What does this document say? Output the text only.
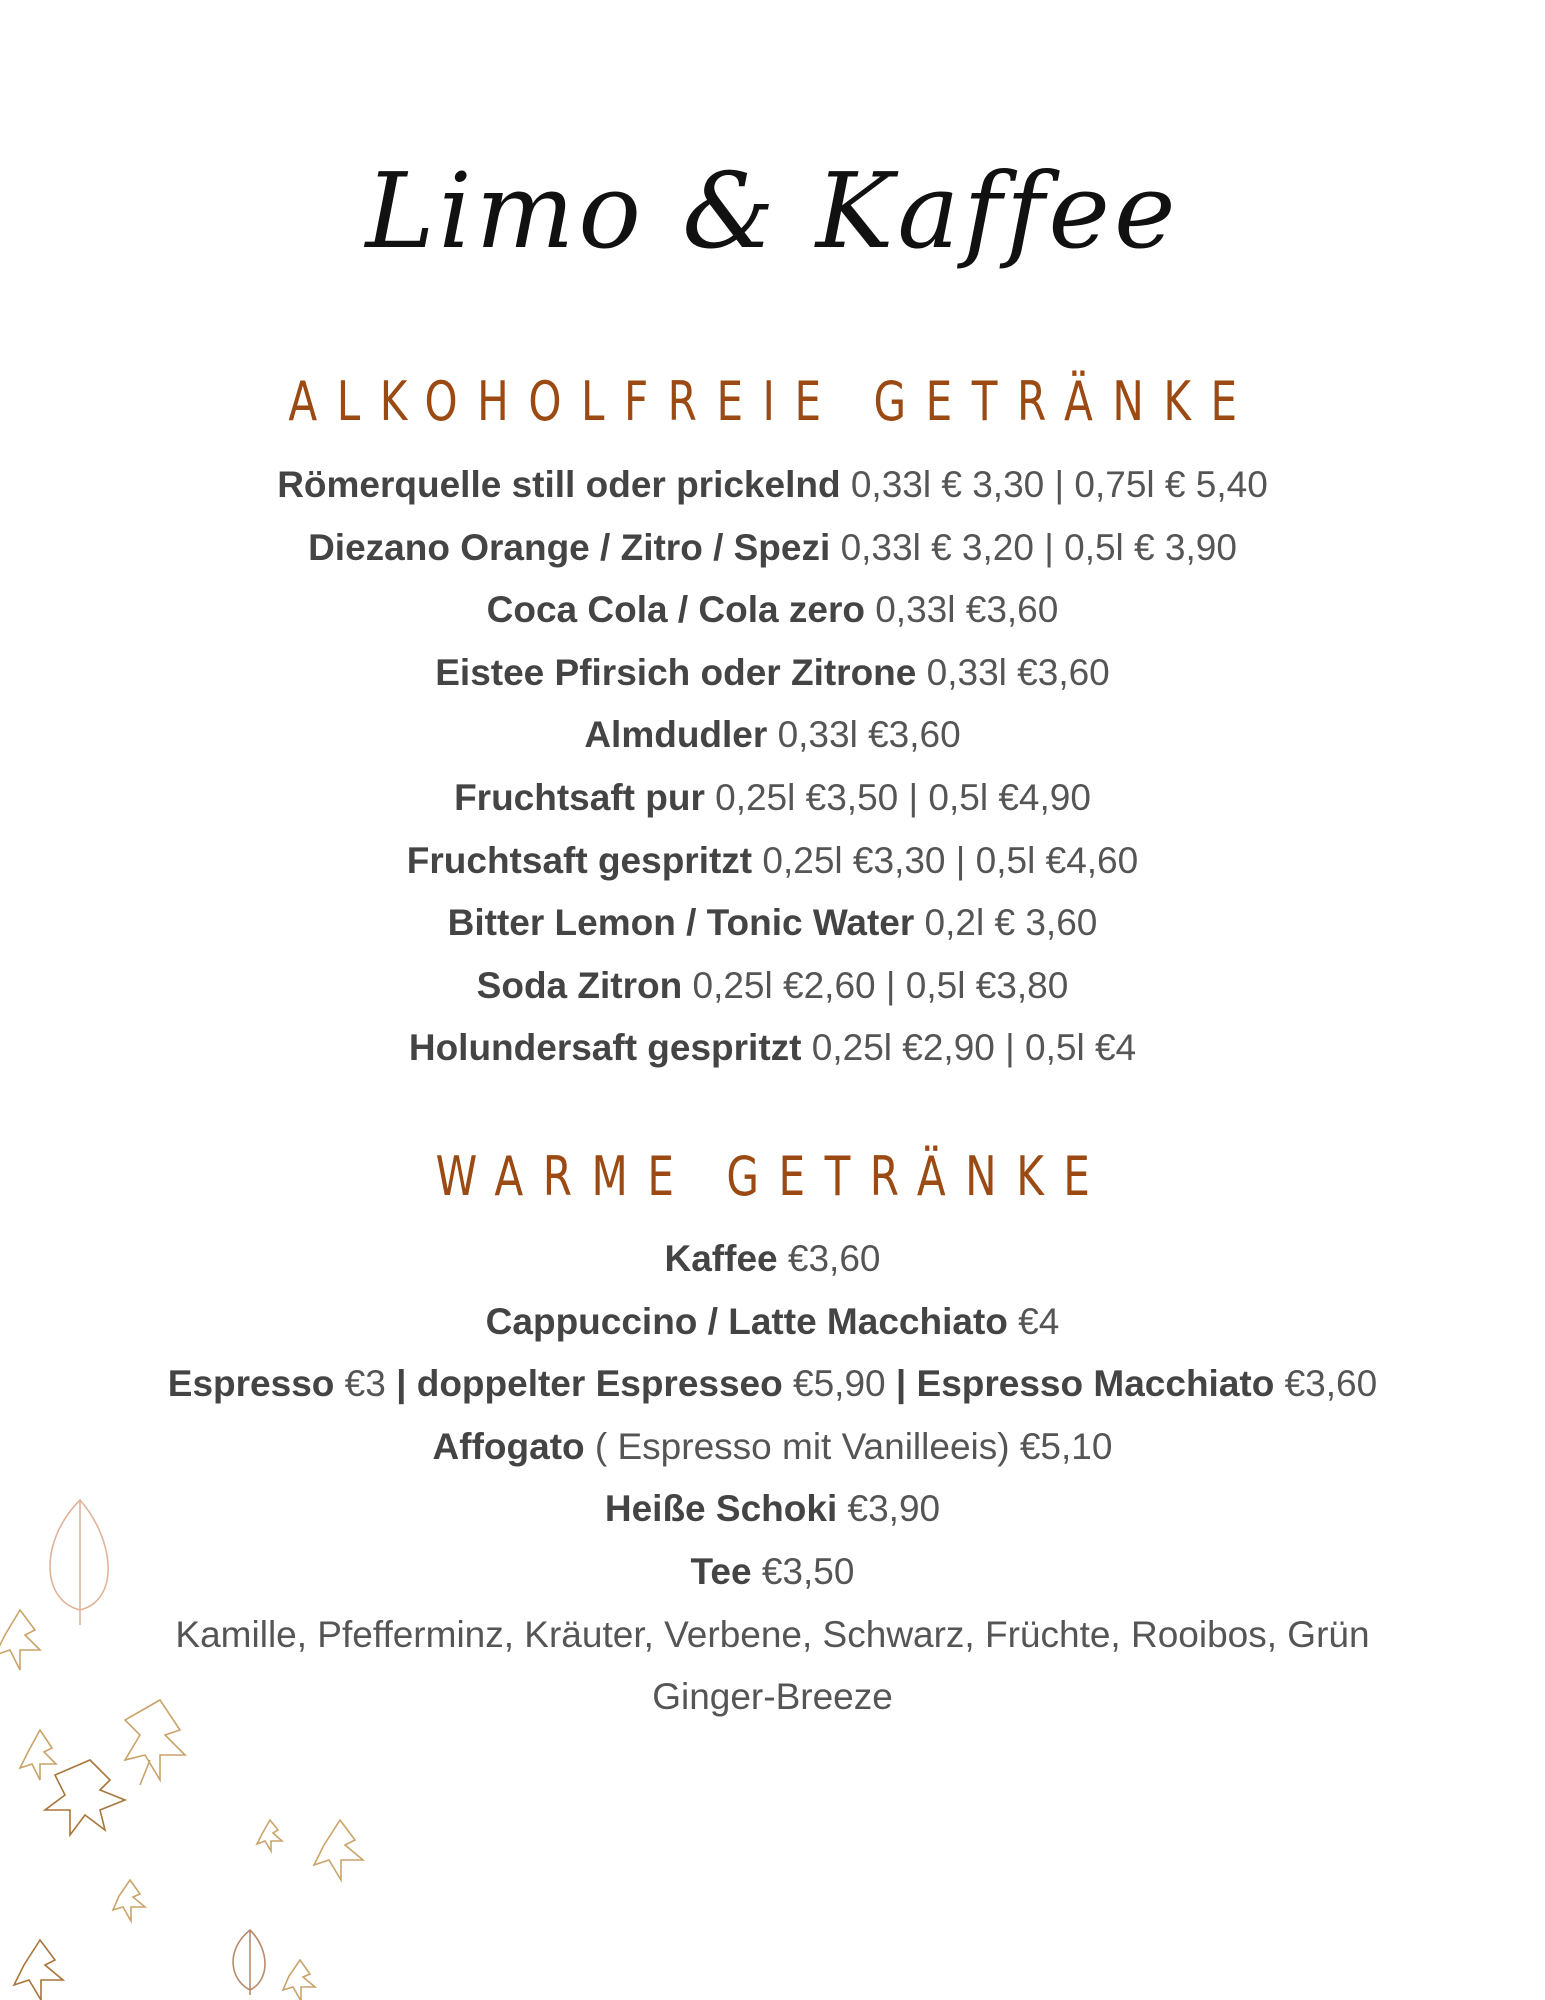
Limo & Kaffee
ALKOHOLFREIE GETRÄNKE
Römerquelle still oder prickelnd 0,33l € 3,30 | 0,75l € 5,40
Diezano Orange / Zitro / Spezi 0,33l € 3,20 | 0,5l € 3,90
Coca Cola / Cola zero 0,33l €3,60
Eistee Pfirsich oder Zitrone 0,33l €3,60
Almdudler 0,33l €3,60
Fruchtsaft pur 0,25l €3,50 | 0,5l €4,90
Fruchtsaft gespritzt 0,25l €3,30 | 0,5l €4,60
Bitter Lemon / Tonic Water 0,2l € 3,60
Soda Zitron 0,25l €2,60 | 0,5l €3,80
Holundersaft gespritzt 0,25l €2,90 | 0,5l €4
WARME GETRÄNKE
Kaffee €3,60
Cappuccino / Latte Macchiato €4
Espresso €3 | doppelter Espresseo €5,90 | Espresso Macchiato €3,60
Affogato ( Espresso mit Vanilleeis) €5,10
Heiße Schoki €3,90
Tee €3,50
Kamille, Pfefferminz, Kräuter, Verbene, Schwarz, Früchte, Rooibos, Grün
Ginger-Breeze
